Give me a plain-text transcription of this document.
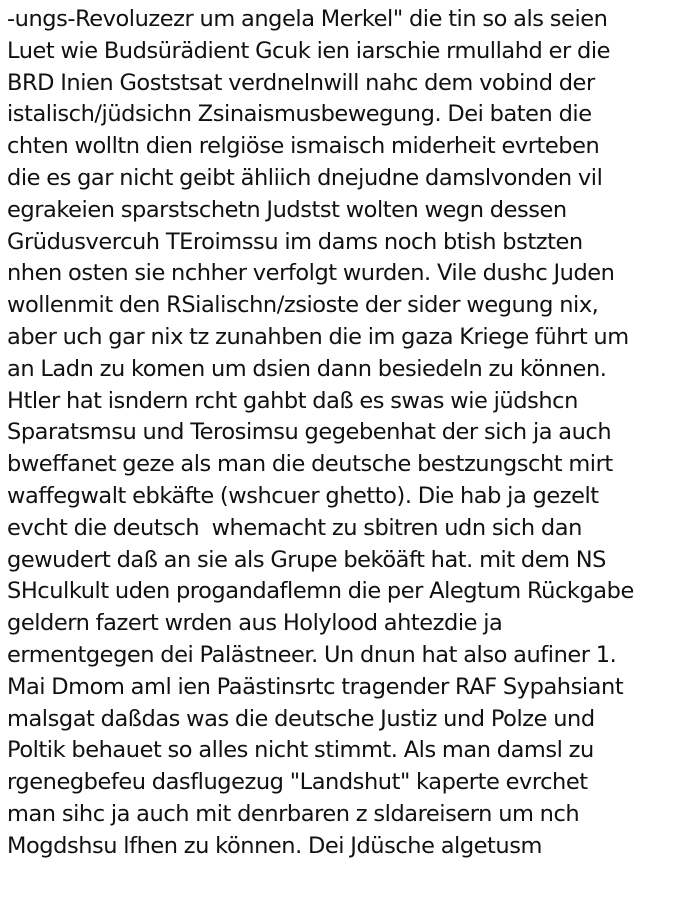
-ungs-Revoluzezr um angela Merkel" die tin so als seien
Luet wie Budsürädient Gcuk ien iarschie rmullahd er die
BRD Inien Goststsat verdnelnwill nahc dem vobind der
istalisch/jüdsichn Zsinaismusbewegung. Dei baten die
chten wolltn dien relgiöse ismaisch miderheit evrteben
die es gar nicht geibt ähliich dnejudne damslvonden vil
egrakeien sparstschetn Judstst wolten wegn dessen
Grüdusvercuh TEroimssu im dams noch btish bstzten
nhen osten sie nchher verfolgt wurden. Vile dushc Juden
wollenmit den RSialischn/zsioste der sider wegung nix,
aber uch gar nix tz zunahben die im gaza Kriege führt um
an Ladn zu komen um dsien dann besiedeln zu können.
Htler hat isndern rcht gahbt daß es swas wie jüdshcn
Sparatsmsu und Terosimsu gegebenhat der sich ja auch
bweffanet geze als man die deutsche bestzungscht mirt
waffegwalt ebkäfte (wshcuer ghetto). Die hab ja gezelt
evcht die deutsch  whemacht zu sbitren udn sich dan
gewudert daß an sie als Grupe beköäft hat. mit dem NS
SHculkult uden progandaflemn die per Alegtum Rückgabe
geldern fazert wrden aus Holylood ahtezdie ja
ermentgegen dei Palästneer. Un dnun hat also aufiner 1.
Mai Dmom aml ien Paästinsrtc tragender RAF Sypahsiant
malsgat daßdas was die deutsche Justiz und Polze und
Poltik behauet so alles nicht stimmt. Als man damsl zu
rgenegbefeu dasflugezug "Landshut" kaperte evrchet
man sihc ja auch mit denrbaren z sldareisern um nch
Mogdshsu lfhen zu können. Dei Jdüsche algetusm
